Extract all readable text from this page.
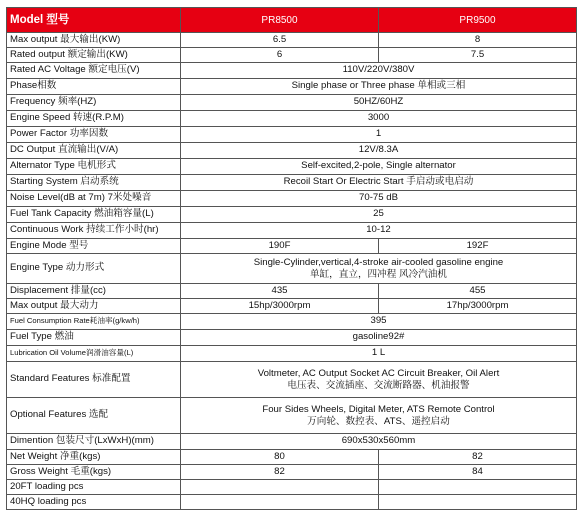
Model 型号	PR8500	PR9500
Max output 最大输出(KW)	6.5	8
Rated output 额定输出(KW)	6	7.5
Rated AC Voltage 额定电压(V)	110V/220V/380V	
Phase相数	Single phase or Three phase 单相或三相	
Frequency 频率(HZ)	50HZ/60HZ	
Engine Speed 转速(R.P.M)	3000	
Power Factor 功率因数	1	
DC Output 直流输出(V/A)	12V/8.3A	
Alternator Type 电机形式	Self-excited,2-pole, Single alternator	
Starting System 启动系统	Recoil Start Or Electric Start 手启动或电启动	
Noise Level(dB at 7m) 7米处噪音	70-75 dB	
Fuel Tank Capacity 燃油箱容量(L)	25	
Continuous Work 持续工作小时(hr)	10-12	
Engine Mode 型号	190F	192F
Engine Type 动力形式	Single-Cylinder,vertical,4-stroke air-cooled gasoline engine
单缸，直立，四冲程 风冷汽油机	

Displacement 排量(cc)	435	455
Max output 最大动力	15hp/3000rpm	17hp/3000rpm
Fuel Consumption Rate耗油率(g/kw/h)	395	
Fuel Type 燃油	gasoline92#	
Lubrication Oil Volume润滑油容量(L)	1 L	
Standard Features 标准配置	Voltmeter, AC Output Socket AC Circuit Breaker, Oil Alert
电压表、交流插座、交流断路器、机油报警	

Optional Features 选配	Four Sides Wheels, Digital Meter, ATS Remote Control
万向轮、数控表、ATS、遥控启动	

Dimention 包装尺寸(LxWxH)(mm)	690x530x560mm	
Net Weight 净重(kgs)	80	82
Gross Weight 毛重(kgs)	82	84
20FT loading pcs		
40HQ loading pcs		
